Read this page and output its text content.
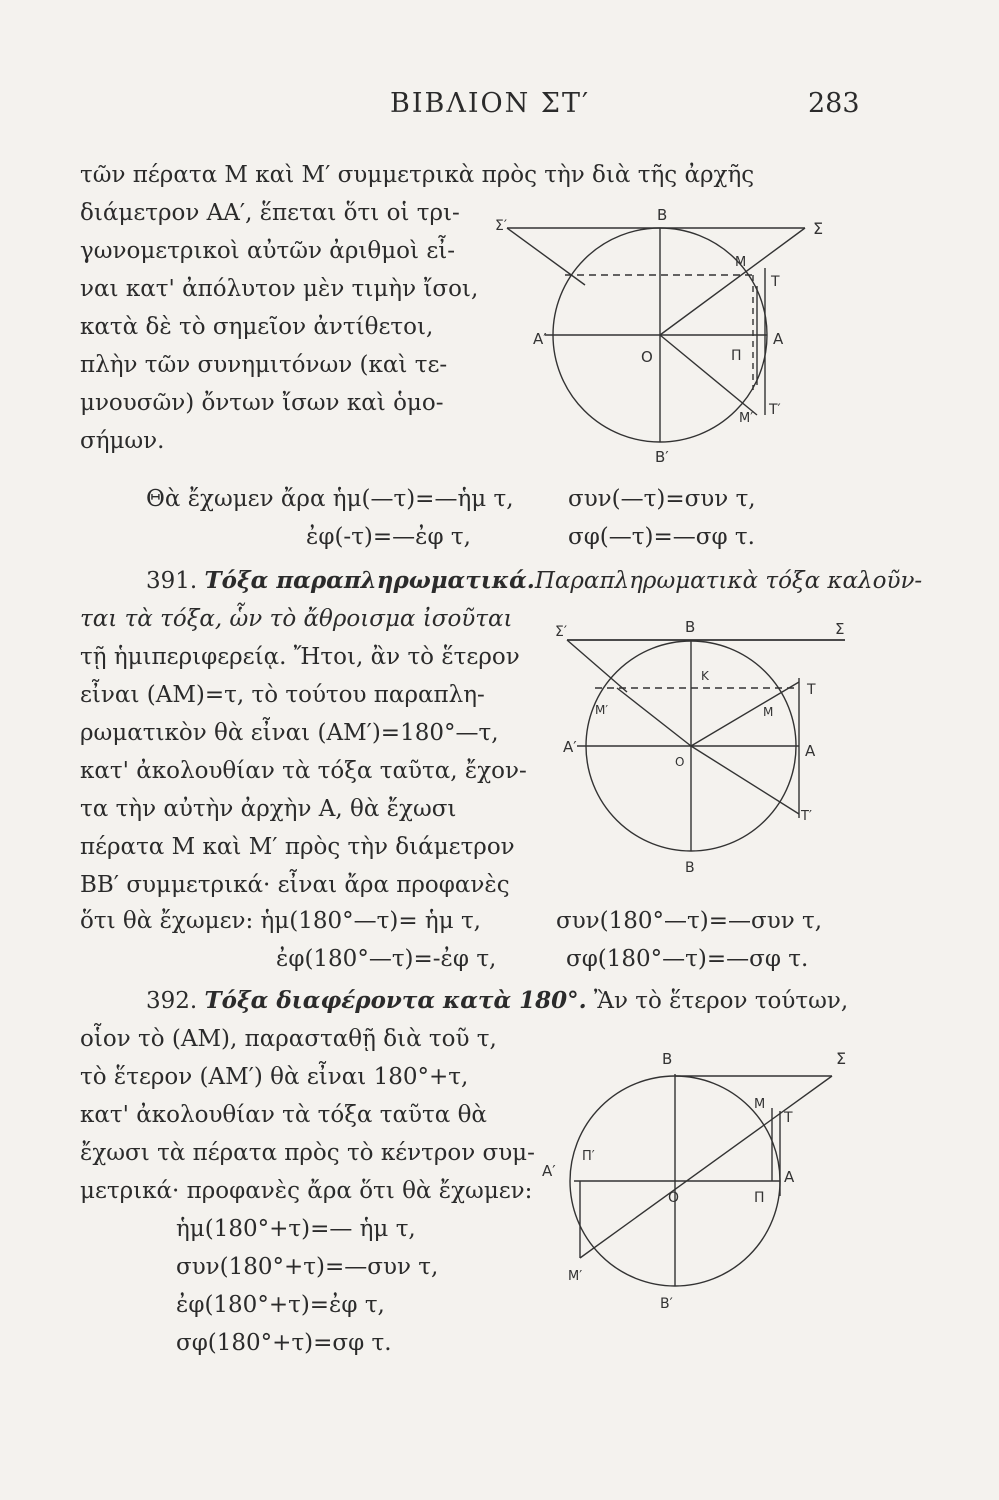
ΒΙΒΛΙΟΝ ΣΤ′	283
τῶν πέρατα Μ καὶ Μ′ συμμετρικὰ πρὸς τὴν διὰ τῆς ἀρχῆς
διάμετρον ΑΑ′, ἕπεται ὅτι οἱ τρι-
γωνομετρικοὶ αὐτῶν ἀριθμοὶ εἶ-
ναι κατ' ἀπόλυτον μὲν τιμὴν ἴσοι,
κατὰ δὲ τὸ σημεῖον ἀντίθετοι,
πλὴν τῶν συνημιτόνων (καὶ τε-
μνουσῶν) ὄντων ἴσων καὶ ὁμο-
σήμων.
Σ′
Β
Σ
Μ
Τ
Α′
Ο	Π
Α
Μ′
Τ′
Β′
Θὰ ἔχωμεν ἄρα ἡμ(—τ)=—ἡμ τ, συν(—τ)=συν τ,
ἐφ(-τ)=—ἐφ τ,	σφ(—τ)=—σφ τ.
391. Τόξα παραπληρωματικά.Παραπληρωματικὰ τόξα καλοῦν-
ται τὰ τόξα, ὧν τὸ ἄθροισμα ἰσοῦται
τῇ ἡμιπεριφερείᾳ. Ἤτοι, ἂν τὸ ἕτερον
εἶναι (ΑΜ)=τ, τὸ τούτου παραπλη-
ρωματικὸν θὰ εἶναι (ΑΜ′)=180°—τ,
κατ' ἀκολουθίαν τὰ τόξα ταῦτα, ἔχον-
τα τὴν αὐτὴν ἀρχὴν Α, θὰ ἔχωσι
πέρατα Μ καὶ Μ′ πρὸς τὴν διάμετρον
ΒΒ′ συμμετρικά· εἶναι ἄρα προφανὲς
Σ′	Β	Σ
Κ
Τ
Μ′	Μ
Α′
Ο
Α
Τ′
Β
ὅτι θὰ ἔχωμεν: ἡμ(180°—τ)= ἡμ τ,	συν(180°—τ)=—συν τ,
ἐφ(180°—τ)=-ἐφ τ,	σφ(180°—τ)=—σφ τ.
392. Τόξα διαφέροντα κατὰ 180°. Ἂν τὸ ἕτερον τούτων,
οἷον τὸ (ΑΜ), παρασταθῇ διὰ τοῦ τ,
τὸ ἕτερον (ΑΜ′) θὰ εἶναι 180°+τ,
κατ' ἀκολουθίαν τὰ τόξα ταῦτα θὰ
ἔχωσι τὰ πέρατα πρὸς τὸ κέντρον συμ-
μετρικά· προφανὲς ἄρα ὅτι θὰ ἔχωμεν:
ἡμ(180°+τ)=— ἡμ τ,
συν(180°+τ)=—συν τ,
ἐφ(180°+τ)=ἐφ τ,
σφ(180°+τ)=σφ τ.
Β	Σ
Μ
Τ
Π′
Α′
Ο	Π
Α
Μ′
Β′
